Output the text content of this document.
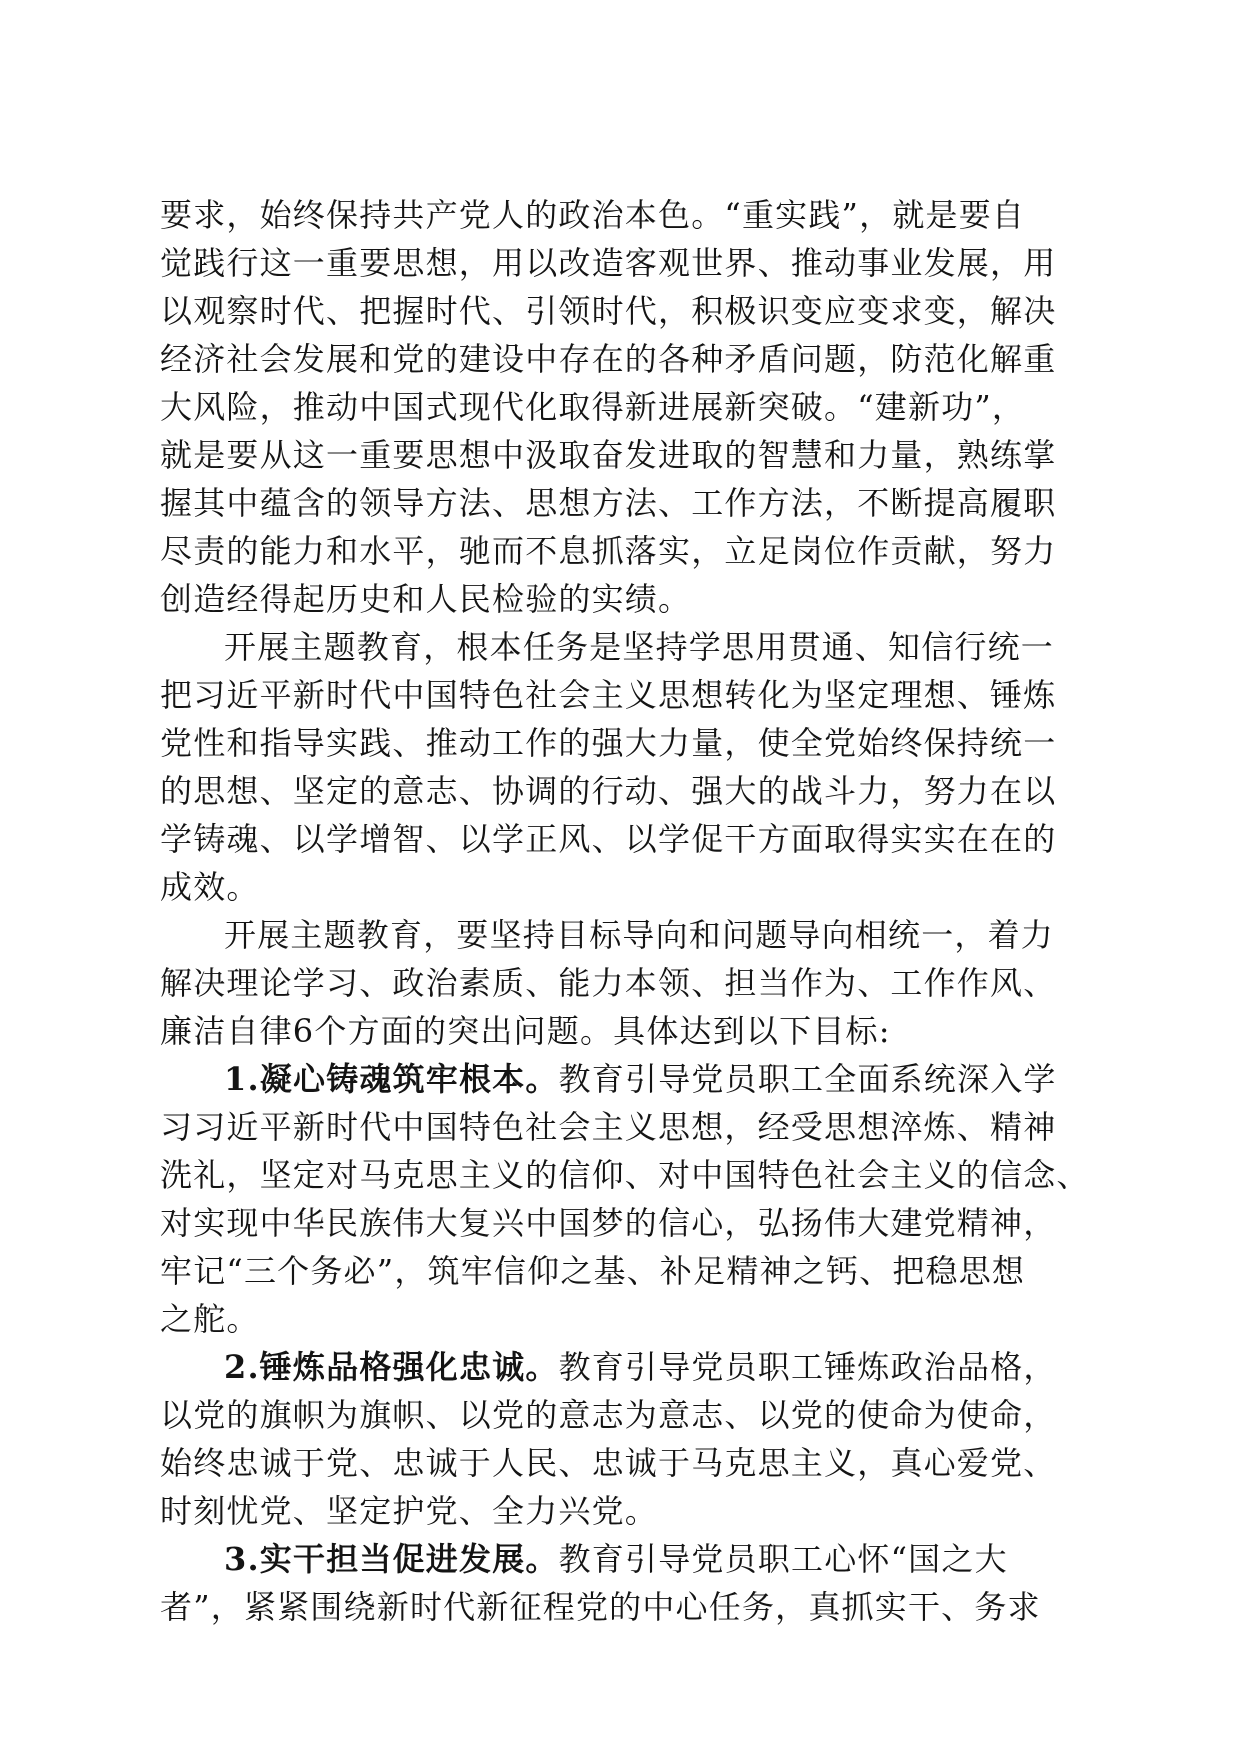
要求，始终保持共产党人的政治本色。“重实践”，就是要自
觉践行这一重要思想，用以改造客观世界、推动事业发展，用
以观察时代、把握时代、引领时代，积极识变应变求变，解决
经济社会发展和党的建设中存在的各种矛盾问题，防范化解重
大风险，推动中国式现代化取得新进展新突破。“建新功”，
就是要从这一重要思想中汲取奋发进取的智慧和力量，熟练掌
握其中蕴含的领导方法、思想方法、工作方法，不断提高履职
尽责的能力和水平，驰而不息抓落实，立足岗位作贡献，努力
创造经得起历史和人民检验的实绩。
开展主题教育，根本任务是坚持学思用贯通、知信行统一
把习近平新时代中国特色社会主义思想转化为坚定理想、锤炼
党性和指导实践、推动工作的强大力量，使全党始终保持统一
的思想、坚定的意志、协调的行动、强大的战斗力，努力在以
学铸魂、以学增智、以学正风、以学促干方面取得实实在在的
成效。
开展主题教育，要坚持目标导向和问题导向相统一，着力
解决理论学习、政治素质、能力本领、担当作为、工作作风、
廉洁自律6个方面的突出问题。具体达到以下目标:
1.凝心铸魂筑牢根本。教育引导党员职工全面系统深入学
习习近平新时代中国特色社会主义思想，经受思想淬炼、精神
洗礼，坚定对马克思主义的信仰、对中国特色社会主义的信念、
对实现中华民族伟大复兴中国梦的信心，弘扬伟大建党精神，
牢记“三个务必”，筑牢信仰之基、补足精神之钙、把稳思想
之舵。
2.锤炼品格强化忠诚。教育引导党员职工锤炼政治品格，
以党的旗帜为旗帜、以党的意志为意志、以党的使命为使命，
始终忠诚于党、忠诚于人民、忠诚于马克思主义，真心爱党、
时刻忧党、坚定护党、全力兴党。
3.实干担当促进发展。教育引导党员职工心怀“国之大
者”，紧紧围绕新时代新征程党的中心任务，真抓实干、务求
